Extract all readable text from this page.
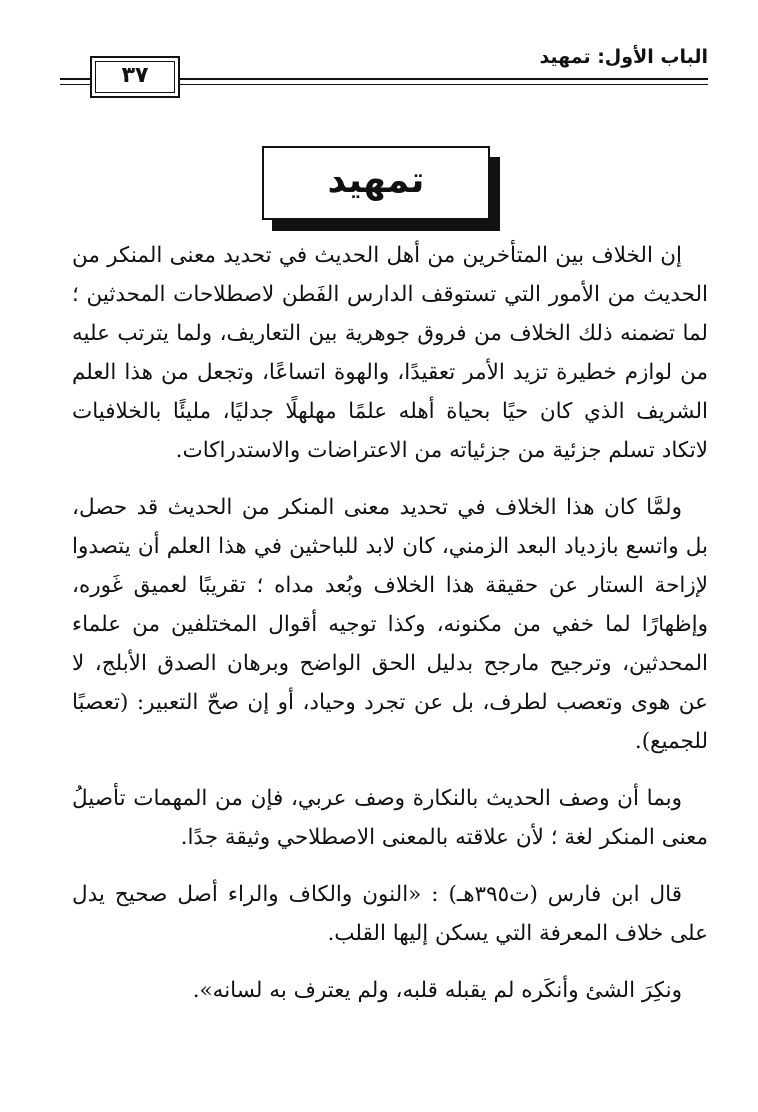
الباب الأول: تمهيد
٣٧
تمهيد

إن الخلاف بين المتأخرين من أهل الحديث في تحديد معنى المنكر من الحديث من الأمور التي تستوقف الدارس الفَطن لاصطلاحات المحدثين ؛ لما تضمنه ذلك الخلاف من فروق جوهرية بين التعاريف، ولما يترتب عليه من لوازم خطيرة تزيد الأمر تعقيدًا، والهوة اتساعًا، وتجعل من هذا العلم الشريف الذي كان حيًا بحياة أهله علمًا مهلهلًا جدليًا، مليئًا بالخلافيات لاتكاد تسلم جزئية من جزئياته من الاعتراضات والاستدراكات.

ولمَّا كان هذا الخلاف في تحديد معنى المنكر من الحديث قد حصل، بل واتسع بازدياد البعد الزمني، كان لابد للباحثين في هذا العلم أن يتصدوا لإزاحة الستار عن حقيقة هذا الخلاف وبُعد مداه ؛ تقريبًا لعميق غَوره، وإظهارًا لما خفي من مكنونه، وكذا توجيه أقوال المختلفين من علماء المحدثين، وترجيح مارجح بدليل الحق الواضح وبرهان الصدق الأبلج، لا عن هوى وتعصب لطرف، بل عن تجرد وحياد، أو إن صحّ التعبير: (تعصبًا للجميع).

وبما أن وصف الحديث بالنكارة وصف عربي، فإن من المهمات تأصيلُ معنى المنكر لغة ؛ لأن علاقته بالمعنى الاصطلاحي وثيقة جدًا.

قال ابن فارس (ت٣٩٥هـ) : «النون والكاف والراء أصل صحيح يدل على خلاف المعرفة التي يسكن إليها القلب.

ونكِرَ الشئ وأنكَره لم يقبله قلبه، ولم يعترف به لسانه».
